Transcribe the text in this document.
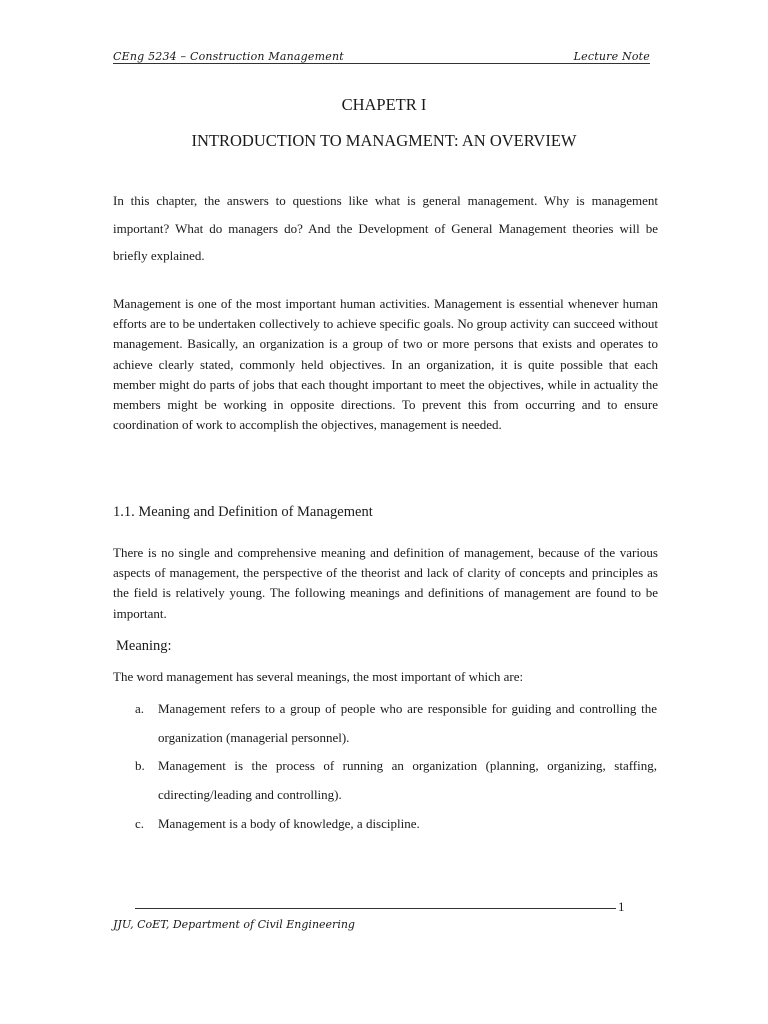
CEng 5234 – Construction Management	Lecture Note
CHAPETR I
INTRODUCTION TO MANAGMENT: AN OVERVIEW

In this chapter, the answers to questions like what is general management. Why is management important? What do managers do? And the Development of General Management theories will be briefly explained.

Management is one of the most important human activities. Management is essential whenever human efforts are to be undertaken collectively to achieve specific goals. No group activity can succeed without management. Basically, an organization is a group of two or more persons that exists and operates to achieve clearly stated, commonly held objectives. In an organization, it is quite possible that each member might do parts of jobs that each thought important to meet the objectives, while in actuality the members might be working in opposite directions. To prevent this from occurring and to ensure coordination of work to accomplish the objectives, management is needed.

1.1. Meaning and Definition of Management

There is no single and comprehensive meaning and definition of management, because of the various aspects of management, the perspective of the theorist and lack of clarity of concepts and principles as the field is relatively young. The following meanings and definitions of management are found to be important.

Meaning:
The word management has several meanings, the most important of which are:
a. Management refers to a group of people who are responsible for guiding and controlling the organization (managerial personnel).
b. Management is the process of running an organization (planning, organizing, staffing, cdirecting/leading and controlling).
c. Management is a body of knowledge, a discipline.
1
JJU, CoET, Department of Civil Engineering
